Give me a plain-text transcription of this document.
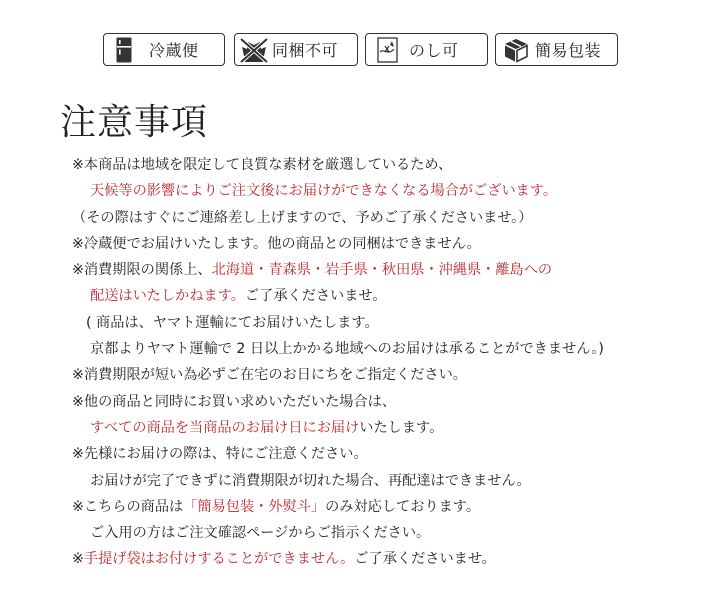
冷蔵便	同梱不可	のし可	簡易包装
注意事項
※本商品は地域を限定して良質な素材を厳選しているため、
天候等の影響によりご注文後にお届けができなくなる場合がございます。
（その際はすぐにご連絡差し上げますので、予めご了承くださいませ。）
※冷蔵便でお届けいたします。他の商品との同梱はできません。
※消費期限の関係上、北海道・青森県・岩手県・秋田県・沖縄県・離島への
配送はいたしかねます。ご了承くださいませ。
( 商品は、ヤマト運輸にてお届けいたします。
京都よりヤマト運輸で 2 日以上かかる地域へのお届けは承ることができません。)
※消費期限が短い為必ずご在宅のお日にちをご指定ください。
※他の商品と同時にお買い求めいただいた場合は、
すべての商品を当商品のお届け日にお届けいたします。
※先様にお届けの際は、特にご注意ください。
お届けが完了できずに消費期限が切れた場合、再配達はできません。
※こちらの商品は「簡易包装・外熨斗」のみ対応しております。
ご入用の方はご注文確認ページからご指示ください。
※手提げ袋はお付けすることができません。ご了承くださいませ。
